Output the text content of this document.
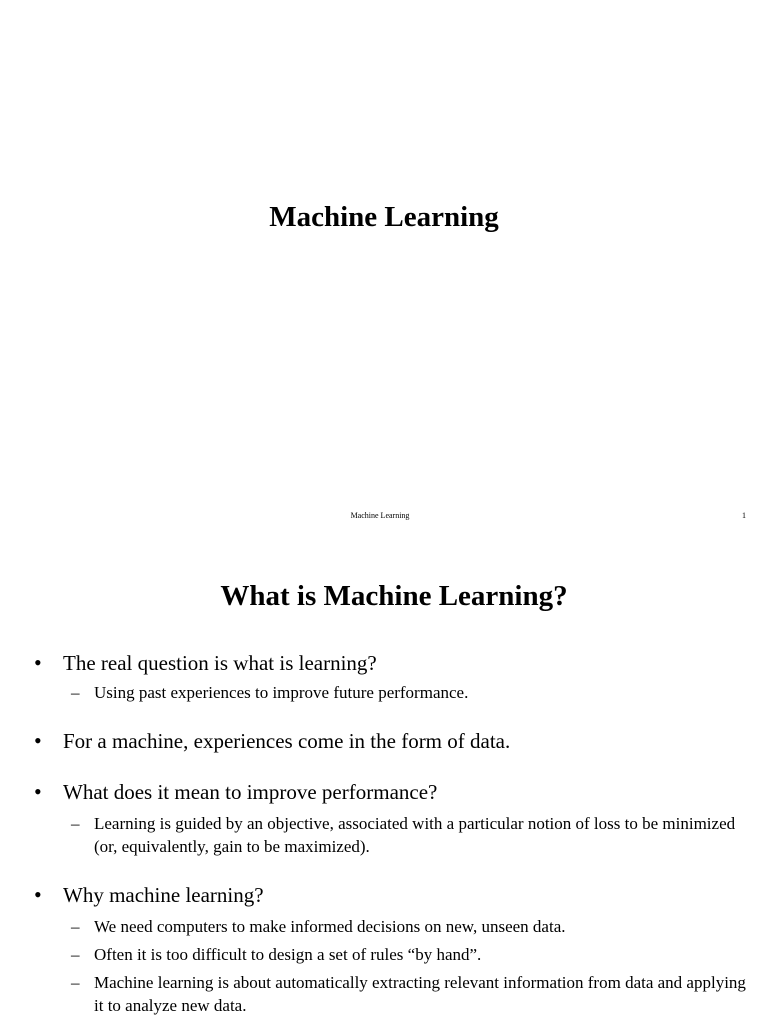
Machine Learning
Machine Learning	1
What is Machine Learning?
• The real question is what is learning?
– Using past experiences to improve future performance.
• For a machine, experiences come in the form of data.
• What does it mean to improve performance?
– Learning is guided by an objective, associated with a particular notion of loss to be minimized (or, equivalently, gain to be maximized).
• Why machine learning?
– We need computers to make informed decisions on new, unseen data.
– Often it is too difficult to design a set of rules “by hand”.
– Machine learning is about automatically extracting relevant information from data and applying it to analyze new data.
